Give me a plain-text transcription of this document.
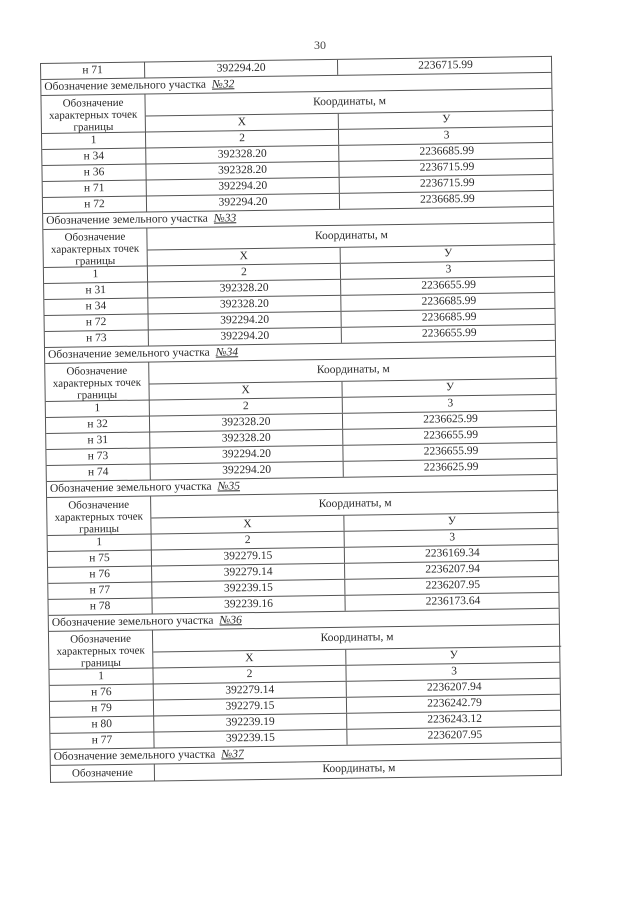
30
н 71	392294.20	2236715.99
Обозначение земельного участка №32
Обозначение характерных точек границы
Координаты, м
X	У
1	2	3
н 34	392328.20	2236685.99
н 36	392328.20	2236715.99
н 71	392294.20	2236715.99
н 72	392294.20	2236685.99
Обозначение земельного участка №33
Обозначение характерных точек границы
Координаты, м
X	У
1	2	3
н 31	392328.20	2236655.99
н 34	392328.20	2236685.99
н 72	392294.20	2236685.99
н 73	392294.20	2236655.99
Обозначение земельного участка №34
Обозначение характерных точек границы
Координаты, м
X	У
1	2	3
н 32	392328.20	2236625.99
н 31	392328.20	2236655.99
н 73	392294.20	2236655.99
н 74	392294.20	2236625.99
Обозначение земельного участка №35
Обозначение характерных точек границы
Координаты, м
X	У
1	2	3
н 75	392279.15	2236169.34
н 76	392279.14	2236207.94
н 77	392239.15	2236207.95
н 78	392239.16	2236173.64
Обозначение земельного участка №36
Обозначение характерных точек границы
Координаты, м
X	У
1	2	3
н 76	392279.14	2236207.94
н 79	392279.15	2236242.79
н 80	392239.19	2236243.12
н 77	392239.15	2236207.95
Обозначение земельного участка №37
Обозначение	Координаты, м
